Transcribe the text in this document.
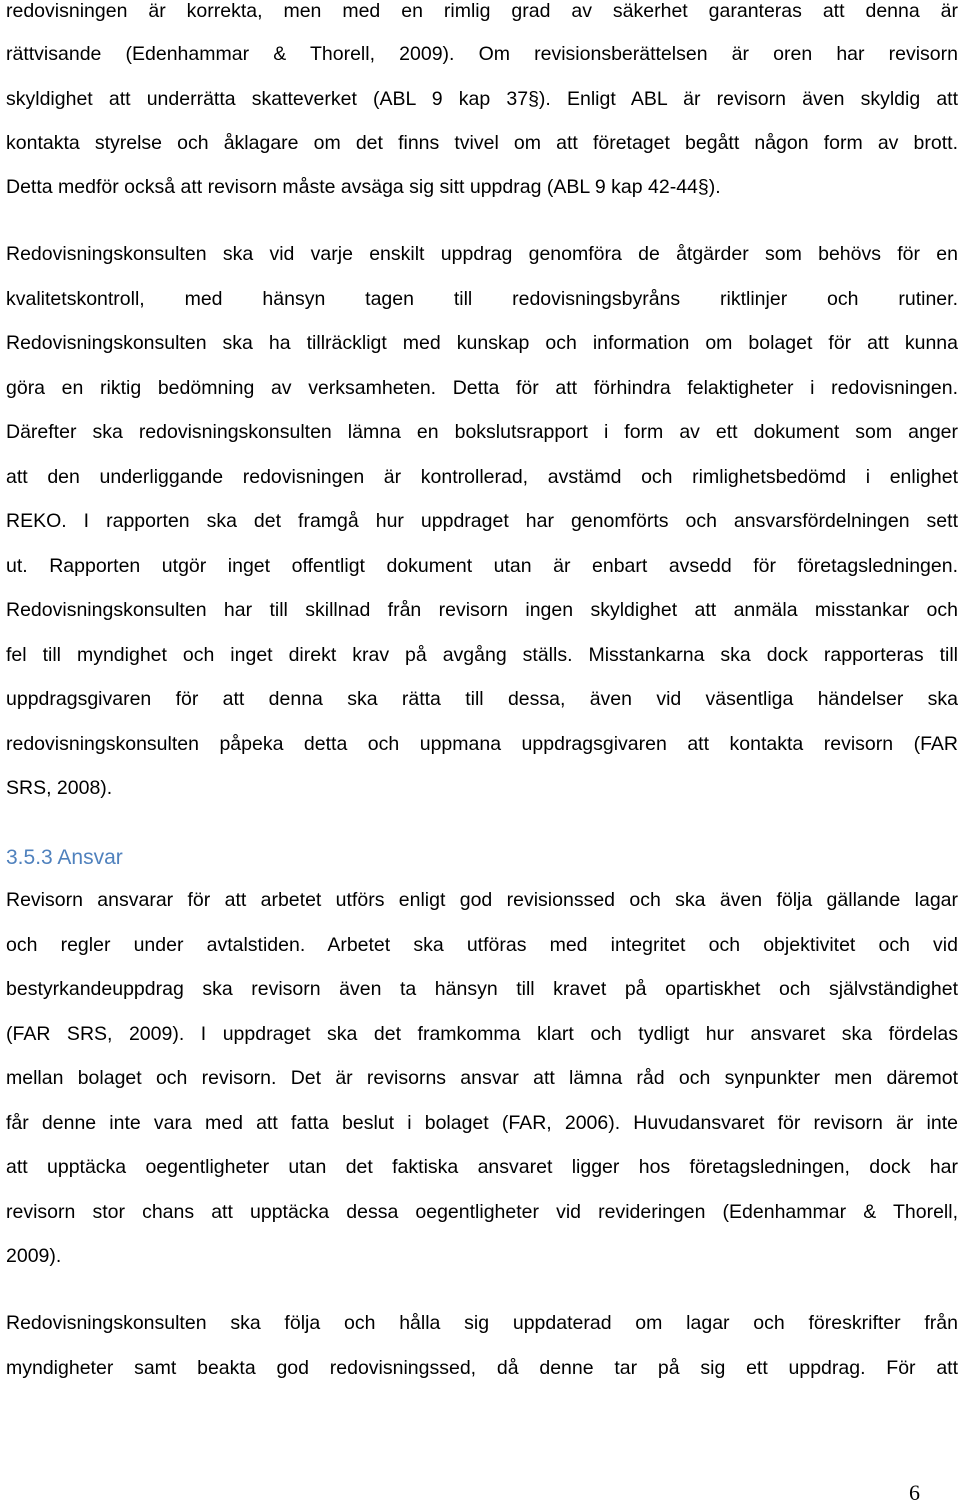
redovisningen är korrekta, men med en rimlig grad av säkerhet garanteras att denna är
rättvisande (Edenhammar & Thorell, 2009). Om revisionsberättelsen är oren har revisorn
skyldighet att underrätta skatteverket (ABL 9 kap 37§). Enligt ABL är revisorn även skyldig att
kontakta styrelse och åklagare om det finns tvivel om att företaget begått någon form av brott.
Detta medför också att revisorn måste avsäga sig sitt uppdrag (ABL 9 kap 42-44§).
Redovisningskonsulten ska vid varje enskilt uppdrag genomföra de åtgärder som behövs för en
kvalitetskontroll, med hänsyn tagen till redovisningsbyråns riktlinjer och rutiner.
Redovisningskonsulten ska ha tillräckligt med kunskap och information om bolaget för att kunna
göra en riktig bedömning av verksamheten. Detta för att förhindra felaktigheter i redovisningen.
Därefter ska redovisningskonsulten lämna en bokslutsrapport i form av ett dokument som anger
att den underliggande redovisningen är kontrollerad, avstämd och rimlighetsbedömd i enlighet
REKO. I rapporten ska det framgå hur uppdraget har genomförts och ansvarsfördelningen sett
ut. Rapporten utgör inget offentligt dokument utan är enbart avsedd för företagsledningen.
Redovisningskonsulten har till skillnad från revisorn ingen skyldighet att anmäla misstankar och
fel till myndighet och inget direkt krav på avgång ställs. Misstankarna ska dock rapporteras till
uppdragsgivaren för att denna ska rätta till dessa, även vid väsentliga händelser ska
redovisningskonsulten påpeka detta och uppmana uppdragsgivaren att kontakta revisorn (FAR
SRS, 2008).
3.5.3 Ansvar
Revisorn ansvarar för att arbetet utförs enligt god revisionssed och ska även följa gällande lagar
och regler under avtalstiden. Arbetet ska utföras med integritet och objektivitet och vid
bestyrkandeuppdrag ska revisorn även ta hänsyn till kravet på opartiskhet och självständighet
(FAR SRS, 2009). I uppdraget ska det framkomma klart och tydligt hur ansvaret ska fördelas
mellan bolaget och revisorn. Det är revisorns ansvar att lämna råd och synpunkter men däremot
får denne inte vara med att fatta beslut i bolaget (FAR, 2006). Huvudansvaret för revisorn är inte
att upptäcka oegentligheter utan det faktiska ansvaret ligger hos företagsledningen, dock har
revisorn stor chans att upptäcka dessa oegentligheter vid revideringen (Edenhammar & Thorell,
2009).
Redovisningskonsulten ska följa och hålla sig uppdaterad om lagar och föreskrifter från
myndigheter samt beakta god redovisningssed, då denne tar på sig ett uppdrag. För att
6
